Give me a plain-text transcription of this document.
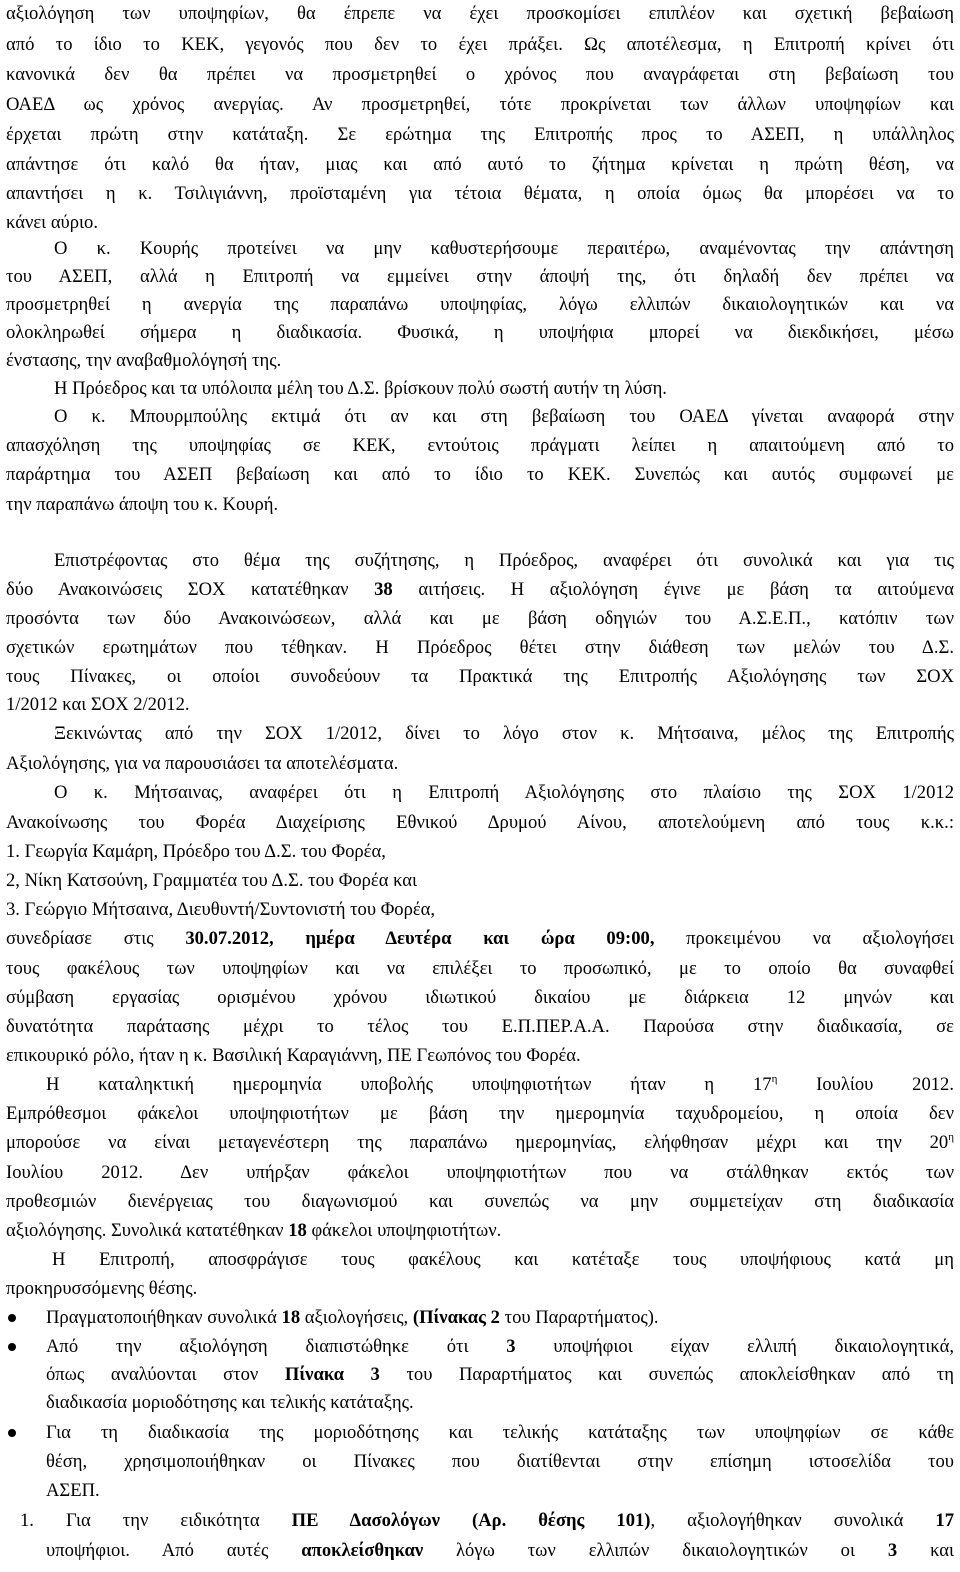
αξιολόγηση των υποψηφίων, θα έπρεπε να έχει προσκομίσει επιπλέον και σχετική βεβαίωση
από το ίδιο το ΚΕΚ, γεγονός που δεν το έχει πράξει. Ως αποτέλεσμα, η Επιτροπή κρίνει ότι
κανονικά δεν θα πρέπει να προσμετρηθεί ο χρόνος που αναγράφεται στη βεβαίωση του
ΟΑΕΔ ως χρόνος ανεργίας. Αν προσμετρηθεί, τότε προκρίνεται των άλλων υποψηφίων και
έρχεται πρώτη στην κατάταξη. Σε ερώτημα της Επιτροπής προς το ΑΣΕΠ, η υπάλληλος
απάντησε ότι καλό θα ήταν, μιας και από αυτό το ζήτημα κρίνεται η πρώτη θέση, να
απαντήσει η κ. Τσιλιγιάννη, προϊσταμένη για τέτοια θέματα, η οποία όμως θα μπορέσει να το
κάνει αύριο.
Ο κ. Κουρής προτείνει να μην καθυστερήσουμε περαιτέρω, αναμένοντας την απάντηση
του ΑΣΕΠ, αλλά η Επιτροπή να εμμείνει στην άποψή της, ότι δηλαδή δεν πρέπει να
προσμετρηθεί η ανεργία της παραπάνω υποψηφίας, λόγω ελλιπών δικαιολογητικών και να
ολοκληρωθεί σήμερα η διαδικασία. Φυσικά, η υποψήφια μπορεί να διεκδικήσει, μέσω
ένστασης, την αναβαθμολόγησή της.
Η Πρόεδρος και τα υπόλοιπα μέλη του Δ.Σ. βρίσκουν πολύ σωστή αυτήν τη λύση.
Ο κ. Μπουρμπούλης εκτιμά ότι αν και στη βεβαίωση του ΟΑΕΔ γίνεται αναφορά στην
απασχόληση της υποψηφίας σε ΚΕΚ, εντούτοις πράγματι λείπει η απαιτούμενη από το
παράρτημα του ΑΣΕΠ βεβαίωση και από το ίδιο το ΚΕΚ. Συνεπώς και αυτός συμφωνεί με
την παραπάνω άποψη του κ. Κουρή.
Επιστρέφοντας στο θέμα της συζήτησης, η Πρόεδρος, αναφέρει ότι συνολικά και για τις
δύο Ανακοινώσεις ΣΟΧ κατατέθηκαν 38 αιτήσεις. Η αξιολόγηση έγινε με βάση τα αιτούμενα
προσόντα των δύο Ανακοινώσεων, αλλά και με βάση οδηγιών του Α.Σ.Ε.Π., κατόπιν των
σχετικών ερωτημάτων που τέθηκαν. Η Πρόεδρος θέτει στην διάθεση των μελών του Δ.Σ.
τους Πίνακες, οι οποίοι συνοδεύουν τα Πρακτικά της Επιτροπής Αξιολόγησης των ΣΟΧ
1/2012 και ΣΟΧ 2/2012.
Ξεκινώντας από την ΣΟΧ 1/2012, δίνει το λόγο στον κ. Μήτσαινα, μέλος της Επιτροπής
Αξιολόγησης, για να παρουσιάσει τα αποτελέσματα.
Ο κ. Μήτσαινας, αναφέρει ότι η Επιτροπή Αξιολόγησης στο πλαίσιο της ΣΟΧ 1/2012
Ανακοίνωσης του Φορέα Διαχείρισης Εθνικού Δρυμού Αίνου, αποτελούμενη από τους κ.κ.:
1. Γεωργία Καμάρη, Πρόεδρο του Δ.Σ. του Φορέα,
2, Νίκη Κατσούνη, Γραμματέα του Δ.Σ. του Φορέα και
3. Γεώργιο Μήτσαινα, Διευθυντή/Συντονιστή του Φορέα,
συνεδρίασε στις 30.07.2012, ημέρα Δευτέρα και ώρα 09:00, προκειμένου να αξιολογήσει
τους φακέλους των υποψηφίων και να επιλέξει το προσωπικό, με το οποίο θα συναφθεί
σύμβαση εργασίας ορισμένου χρόνου ιδιωτικού δικαίου με διάρκεια 12 μηνών και
δυνατότητα παράτασης μέχρι το τέλος του Ε.Π.ΠΕΡ.Α.Α. Παρούσα στην διαδικασία, σε
επικουρικό ρόλο, ήταν η κ. Βασιλική Καραγιάννη, ΠΕ Γεωπόνος του Φορέα.
Η καταληκτική ημερομηνία υποβολής υποψηφιοτήτων ήταν η $17^\eta$ Ιουλίου 2012.
Εμπρόθεσμοι φάκελοι υποψηφιοτήτων με βάση την ημερομηνία ταχυδρομείου, η οποία δεν
μπορούσε να είναι μεταγενέστερη της παραπάνω ημερομηνίας, ελήφθησαν μέχρι και την $20^\eta$
Ιουλίου 2012. Δεν υπήρξαν φάκελοι υποψηφιοτήτων που να στάλθηκαν εκτός των
προθεσμιών διενέργειας του διαγωνισμού και συνεπώς να μην συμμετείχαν στη διαδικασία
αξιολόγησης. Συνολικά κατατέθηκαν 18 φάκελοι υποψηφιοτήτων.
Η Επιτροπή, αποσφράγισε τους φακέλους και κατέταξε τους υποψήφιους κατά μη
προκηρυσσόμενης θέσης.
Πραγματοποιήθηκαν συνολικά 18 αξιολογήσεις, (Πίνακας 2 του Παραρτήματος).
Από την αξιολόγηση διαπιστώθηκε ότι 3 υποψήφιοι είχαν ελλιπή δικαιολογητικά,
όπως αναλύονται στον Πίνακα 3 του Παραρτήματος και συνεπώς αποκλείσθηκαν από τη
διαδικασία μοριοδότησης και τελικής κατάταξης.
Για τη διαδικασία της μοριοδότησης και τελικής κατάταξης των υποψηφίων σε κάθε
θέση, χρησιμοποιήθηκαν οι Πίνακες που διατίθενται στην επίσημη ιστοσελίδα του
ΑΣΕΠ.
1. Για την ειδικότητα ΠΕ Δασολόγων (Αρ. θέσης 101), αξιολογήθηκαν συνολικά 17
υποψήφιοι. Από αυτές αποκλείσθηκαν λόγω των ελλιπών δικαιολογητικών οι 3 και
